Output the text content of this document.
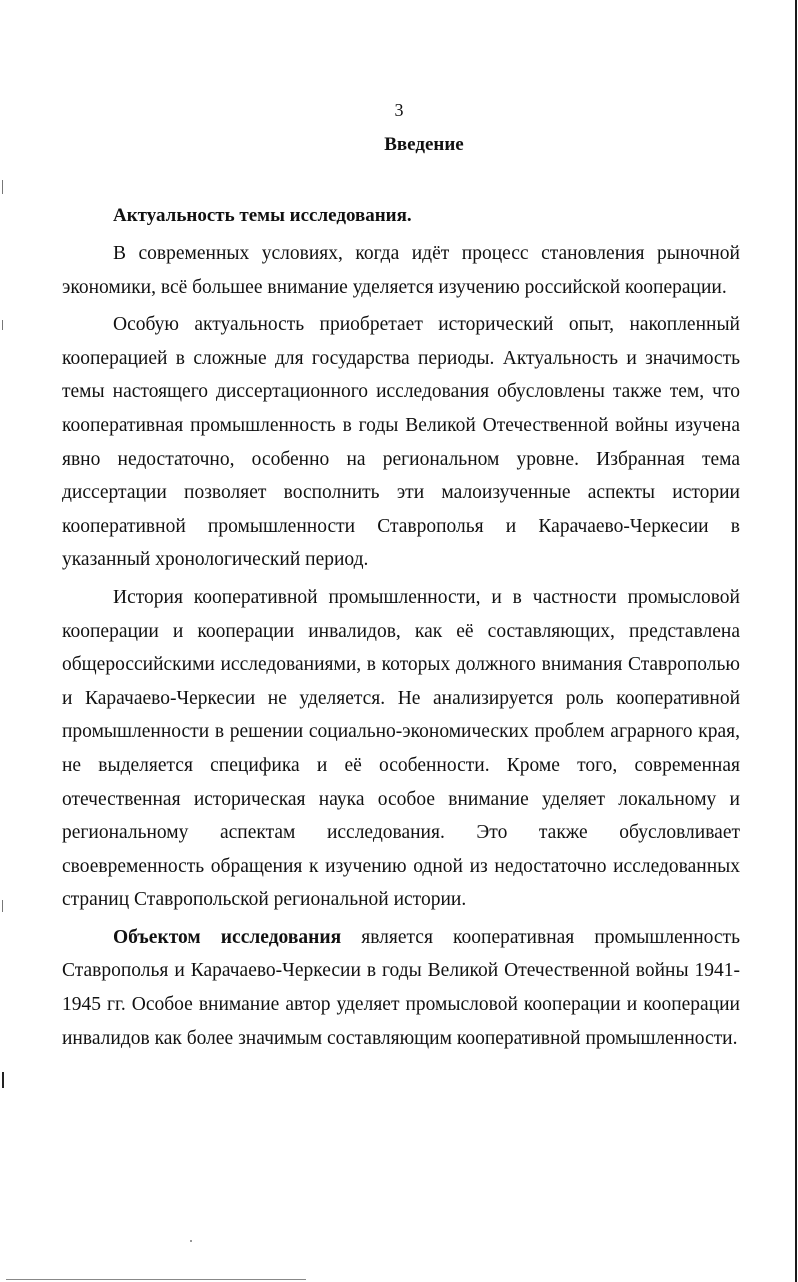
3
Введение
Актуальность темы исследования.

В современных условиях, когда идёт процесс становления рыночной экономики, всё большее внимание уделяется изучению российской кооперации.

Особую актуальность приобретает исторический опыт, накопленный кооперацией в сложные для государства периоды. Актуальность и значимость темы настоящего диссертационного исследования обусловлены также тем, что кооперативная промышленность в годы Великой Отечественной войны изучена явно недостаточно, особенно на региональном уровне. Избранная тема диссертации позволяет восполнить эти малоизученные аспекты истории кооперативной промышленности Ставрополья и Карачаево-Черкесии в указанный хронологический период.

История кооперативной промышленности, и в частности промысловой кооперации и кооперации инвалидов, как её составляющих, представлена общероссийскими исследованиями, в которых должного внимания Ставрополью и Карачаево-Черкесии не уделяется. Не анализируется роль кооперативной промышленности в решении социально-экономических проблем аграрного края, не выделяется специфика и её особенности. Кроме того, современная отечественная историческая наука особое внимание уделяет локальному и региональному аспектам исследования. Это также обусловливает своевременность обращения к изучению одной из недостаточно исследованных страниц Ставропольской региональной истории.

Объектом исследования является кооперативная промышленность Ставрополья и Карачаево-Черкесии в годы Великой Отечественной войны 1941-1945 гг. Особое внимание автор уделяет промысловой кооперации и кооперации инвалидов как более значимым составляющим кооперативной промышленности.
